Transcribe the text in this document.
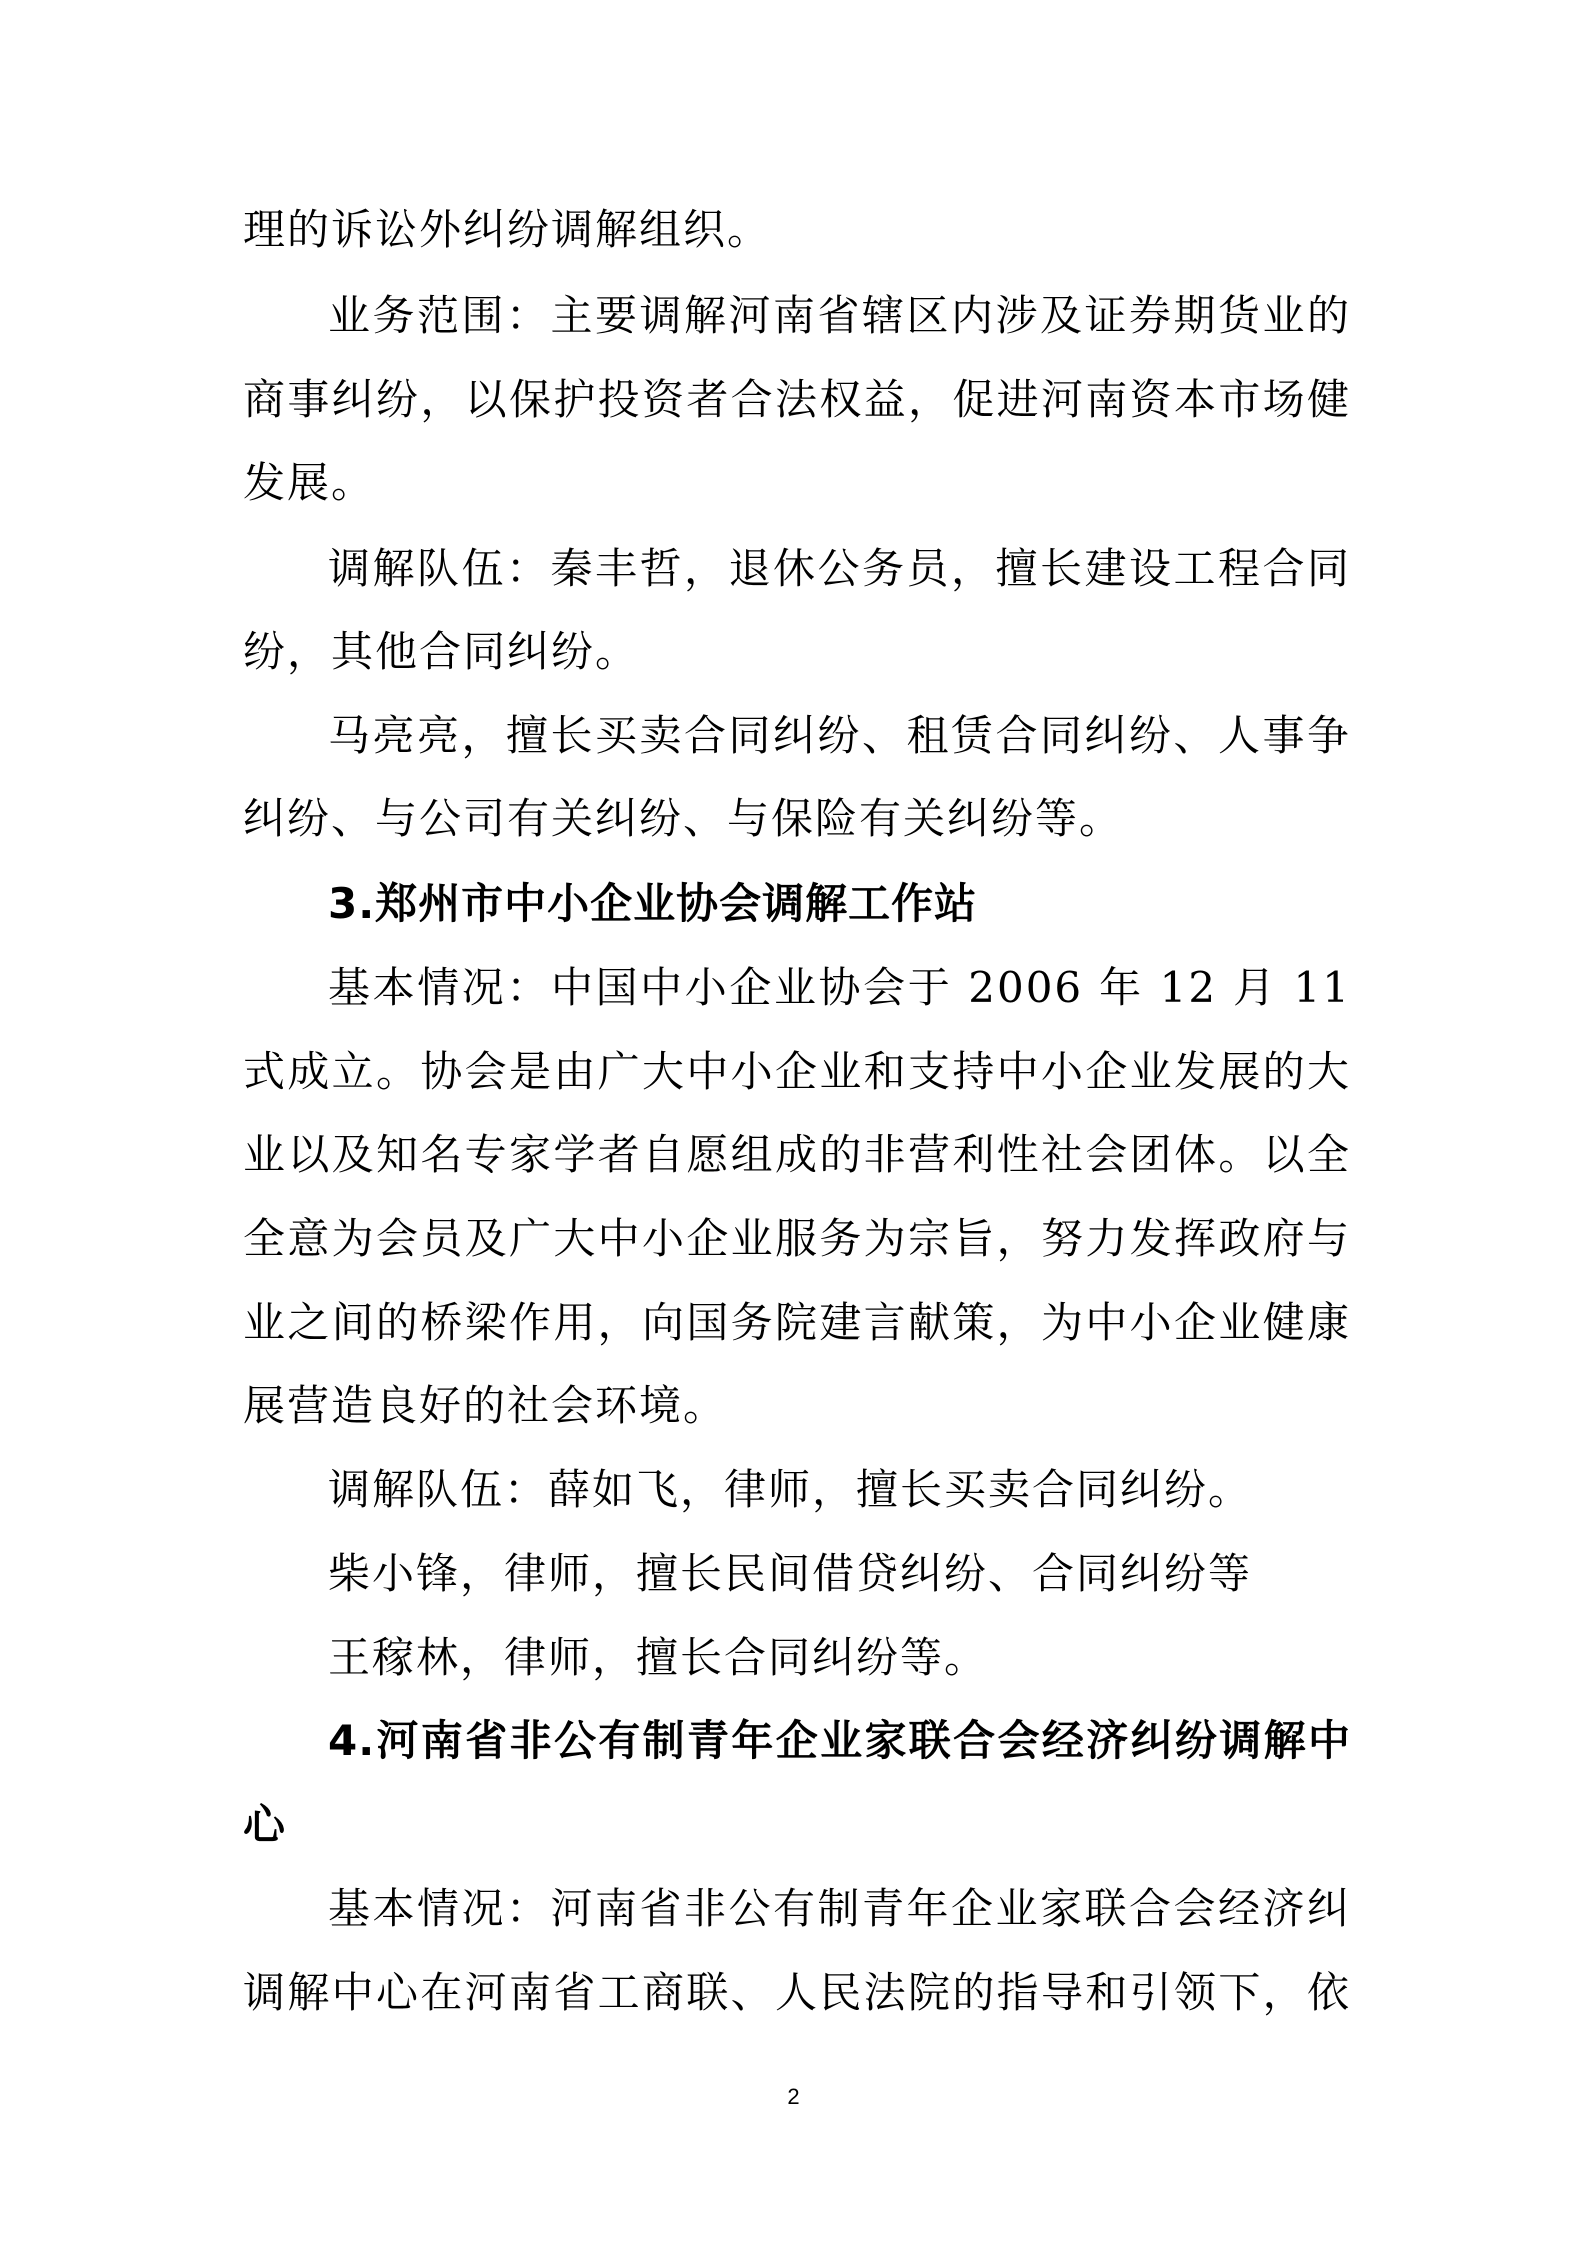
理的诉讼外纠纷调解组织。
业务范围：主要调解河南省辖区内涉及证券期货业的
商事纠纷，以保护投资者合法权益，促进河南资本市场健
发展。
调解队伍：秦丰哲，退休公务员，擅长建设工程合同
纷，其他合同纠纷。
马亮亮，擅长买卖合同纠纷、租赁合同纠纷、人事争
纠纷、与公司有关纠纷、与保险有关纠纷等。
3.郑州市中小企业协会调解工作站
基本情况：中国中小企业协会于 2006 年 12 月 11
式成立。协会是由广大中小企业和支持中小企业发展的大
业以及知名专家学者自愿组成的非营利性社会团体。以全
全意为会员及广大中小企业服务为宗旨，努力发挥政府与
业之间的桥梁作用，向国务院建言献策，为中小企业健康
展营造良好的社会环境。
调解队伍：薛如飞，律师，擅长买卖合同纠纷。
柴小锋，律师，擅长民间借贷纠纷、合同纠纷等
王稼林，律师，擅长合同纠纷等。
4.河南省非公有制青年企业家联合会经济纠纷调解中
心
基本情况：河南省非公有制青年企业家联合会经济纠
调解中心在河南省工商联、人民法院的指导和引领下，依
2
